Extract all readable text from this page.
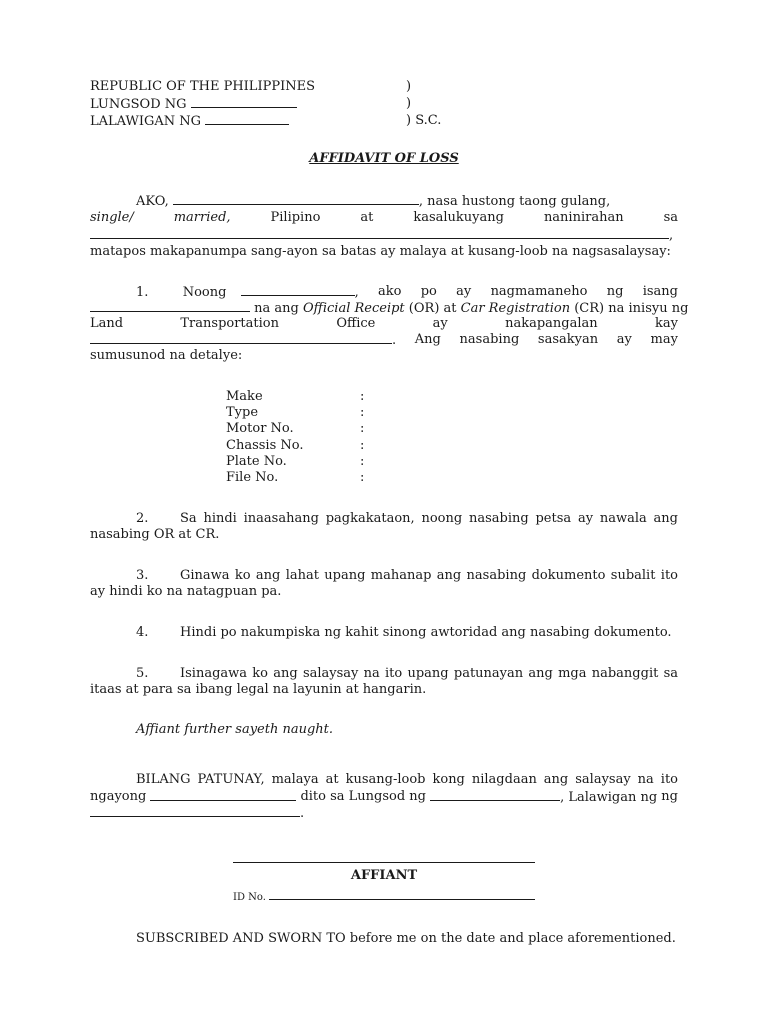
REPUBLIC OF THE PHILIPPINES	)
LUNGSOD NG	)
LALAWIGAN NG	) S.C.
AFFIDAVIT OF LOSS
AKO,	, nasa hustong taong gulang,
single/	married,	Pilipino	at	kasalukuyang	naninirahan	sa
,
matapos makapanumpa sang-ayon sa batas ay malaya at kusang-loob na nagsasalaysay:
1.	Noong	, ako po ay nagmamaneho ng isang
na ang Official Receipt (OR) at Car Registration (CR) na inisyu ng
Land	Transportation	Office	ay	nakapangalan	kay
. Ang nasabing sasakyan ay may
sumusunod na detalye:
Make	:
Type	:
Motor No.	:
Chassis No.	:
Plate No.	:
File No.	:
2. Sa hindi inaasahang pagkakataon, noong nasabing petsa ay nawala ang
nasabing OR at CR.
3. Ginawa ko ang lahat upang mahanap ang nasabing dokumento subalit ito
ay hindi ko na natagpuan pa.
4. Hindi po nakumpiska ng kahit sinong awtoridad ang nasabing dokumento.
5. Isinagawa ko ang salaysay na ito upang patunayan ang mga nabanggit sa
itaas at para sa ibang legal na layunin at hangarin.
Affiant further sayeth naught.
BILANG PATUNAY, malaya at kusang-loob kong nilagdaan ang salaysay na ito
ngayong	dito sa Lungsod ng	, Lalawigan ng ng
.
AFFIANT
ID No.
SUBSCRIBED AND SWORN TO before me on the date and place aforementioned.
